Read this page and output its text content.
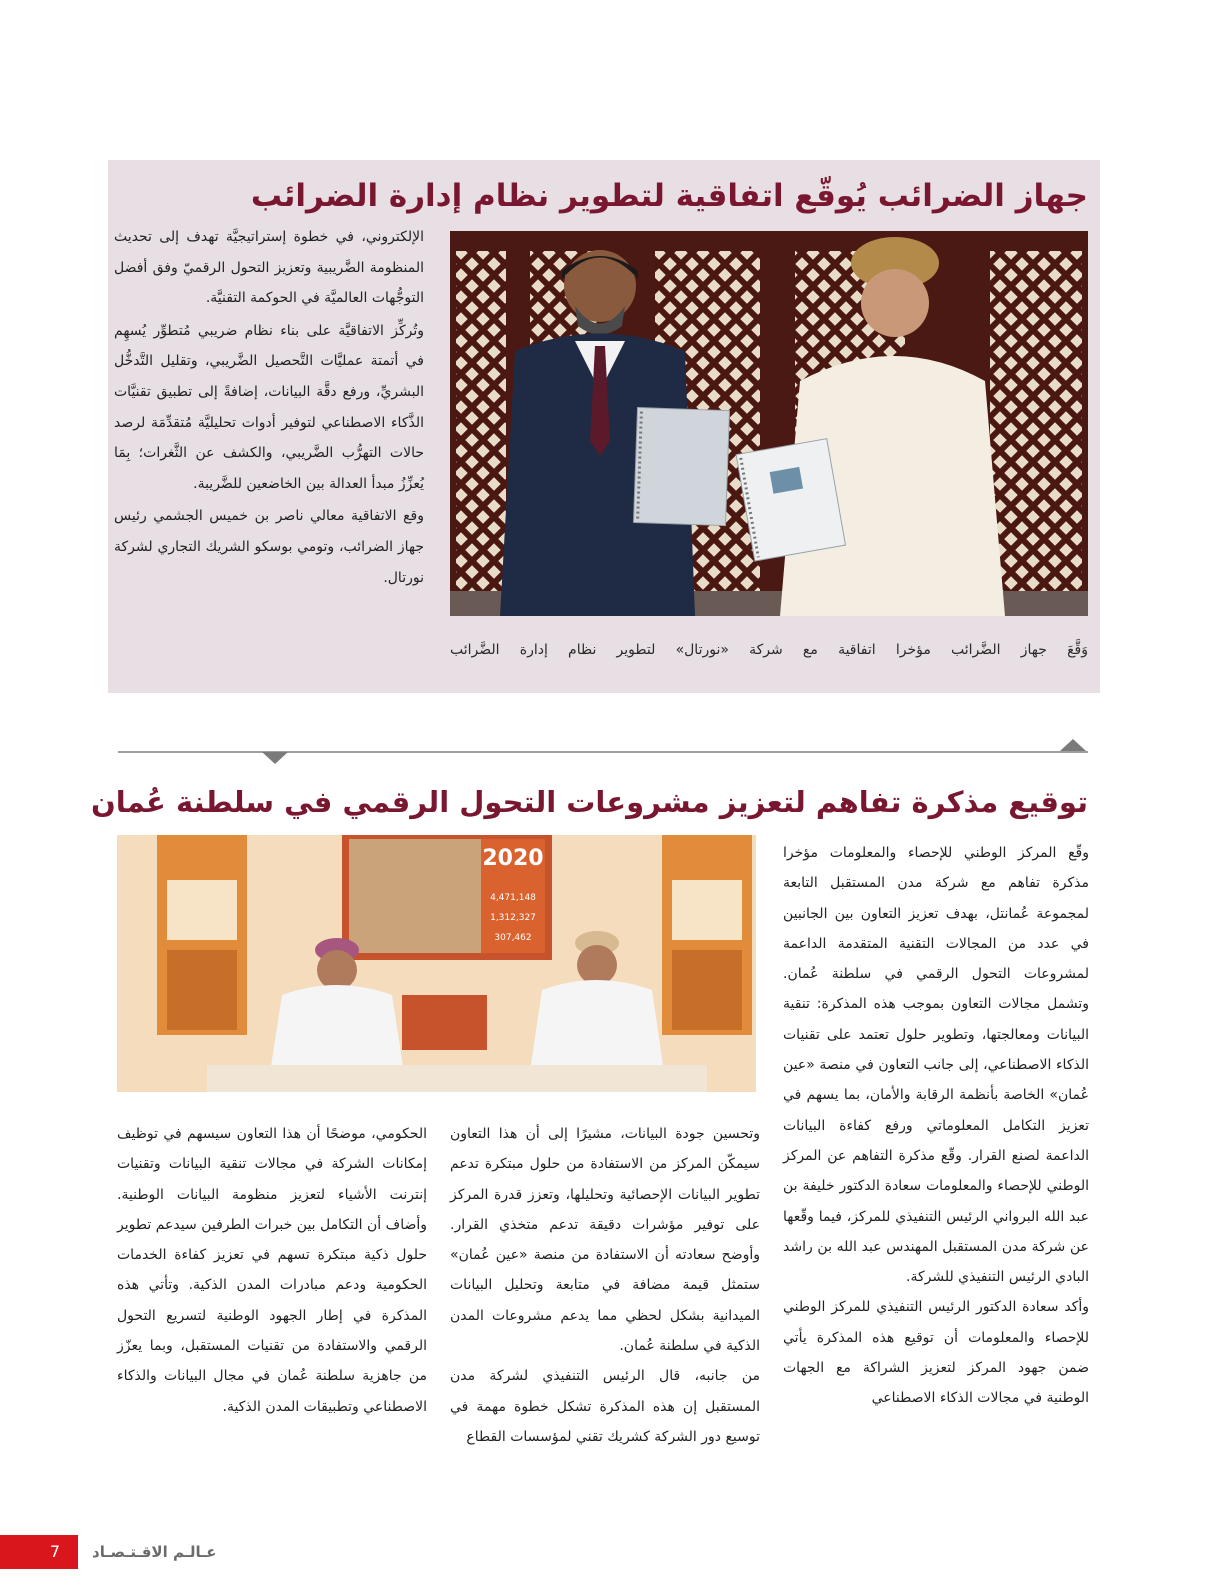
جهاز الضرائب يُوقّع اتفاقية لتطوير نظام إدارة الضرائب
وَقَّعَ جهاز الضَّرائب مؤخرا اتفاقية مع شركة «نورتال» لتطوير نظام إدارة الضَّرائب

الإلكتروني، في خطوة إستراتيجيَّة تهدف إلى تحديث المنظومة الضَّريبية وتعزيز التحول الرقميّ وفق أفضل التوجُّهات العالميَّة في الحوكمة التقنيَّة.

وتُركِّز الاتفاقيَّة على بناء نظام ضريبي مُتطوِّر يُسهِم في أتمتة عمليَّات التَّحصيل الضَّريبي، وتقليل التَّدخُّل البشريِّ، ورفع دقَّة البيانات، إضافةً إلى تطبيق تقنيَّات الذَّكاء الاصطناعي لتوفير أدوات تحليليَّة مُتقدِّمَة لرصد حالات التهرُّب الضَّريبي، والكشف عن الثَّغرات؛ بِمَا يُعزِّزُ مبدأ العدالة بين الخاضعين للضَّريبة.

وقع الاتفاقية معالي ناصر بن خميس الجشمي رئيس جهاز الضرائب، وتومي بوسكو الشريك التجاري لشركة نورتال.

توقيع مذكرة تفاهم لتعزيز مشروعات التحول الرقمي في سلطنة عُمان
2020
4,471,148
1,312,327
307,462

وقّع المركز الوطني للإحصاء والمعلومات مؤخرا مذكرة تفاهم مع شركة مدن المستقبل التابعة لمجموعة عُمانتل، بهدف تعزيز التعاون بين الجانبين في عدد من المجالات التقنية المتقدمة الداعمة لمشروعات التحول الرقمي في سلطنة عُمان. وتشمل مجالات التعاون بموجب هذه المذكرة: تنقية البيانات ومعالجتها، وتطوير حلول تعتمد على تقنيات الذكاء الاصطناعي، إلى جانب التعاون في منصة «عين عُمان» الخاصة بأنظمة الرقابة والأمان، بما يسهم في تعزيز التكامل المعلوماتي ورفع كفاءة البيانات الداعمة لصنع القرار. وقّع مذكرة التفاهم عن المركز الوطني للإحصاء والمعلومات سعادة الدكتور خليفة بن عبد الله البرواني الرئيس التنفيذي للمركز، فيما وقّعها عن شركة مدن المستقبل المهندس عبد الله بن راشد البادي الرئيس التنفيذي للشركة.

وأكد سعادة الدكتور الرئيس التنفيذي للمركز الوطني للإحصاء والمعلومات أن توقيع هذه المذكرة يأتي ضمن جهود المركز لتعزيز الشراكة مع الجهات الوطنية في مجالات الذكاء الاصطناعي

وتحسين جودة البيانات، مشيرًا إلى أن هذا التعاون سيمكّن المركز من الاستفادة من حلول مبتكرة تدعم تطوير البيانات الإحصائية وتحليلها، وتعزز قدرة المركز على توفير مؤشرات دقيقة تدعم متخذي القرار. وأوضح سعادته أن الاستفادة من منصة «عين عُمان» ستمثل قيمة مضافة في متابعة وتحليل البيانات الميدانية بشكل لحظي مما يدعم مشروعات المدن الذكية في سلطنة عُمان.

من جانبه، قال الرئيس التنفيذي لشركة مدن المستقبل إن هذه المذكرة تشكل خطوة مهمة في توسيع دور الشركة كشريك تقني لمؤسسات القطاع

الحكومي، موضحًا أن هذا التعاون سيسهم في توظيف إمكانات الشركة في مجالات تنقية البيانات وتقنيات إنترنت الأشياء لتعزيز منظومة البيانات الوطنية. وأضاف أن التكامل بين خبرات الطرفين سيدعم تطوير حلول ذكية مبتكرة تسهم في تعزيز كفاءة الخدمات الحكومية ودعم مبادرات المدن الذكية. وتأتي هذه المذكرة في إطار الجهود الوطنية لتسريع التحول الرقمي والاستفادة من تقنيات المستقبل، وبما يعزّز من جاهزية سلطنة عُمان في مجال البيانات والذكاء الاصطناعي وتطبيقات المدن الذكية.

7 عـالـم الاقـتـصـاد
